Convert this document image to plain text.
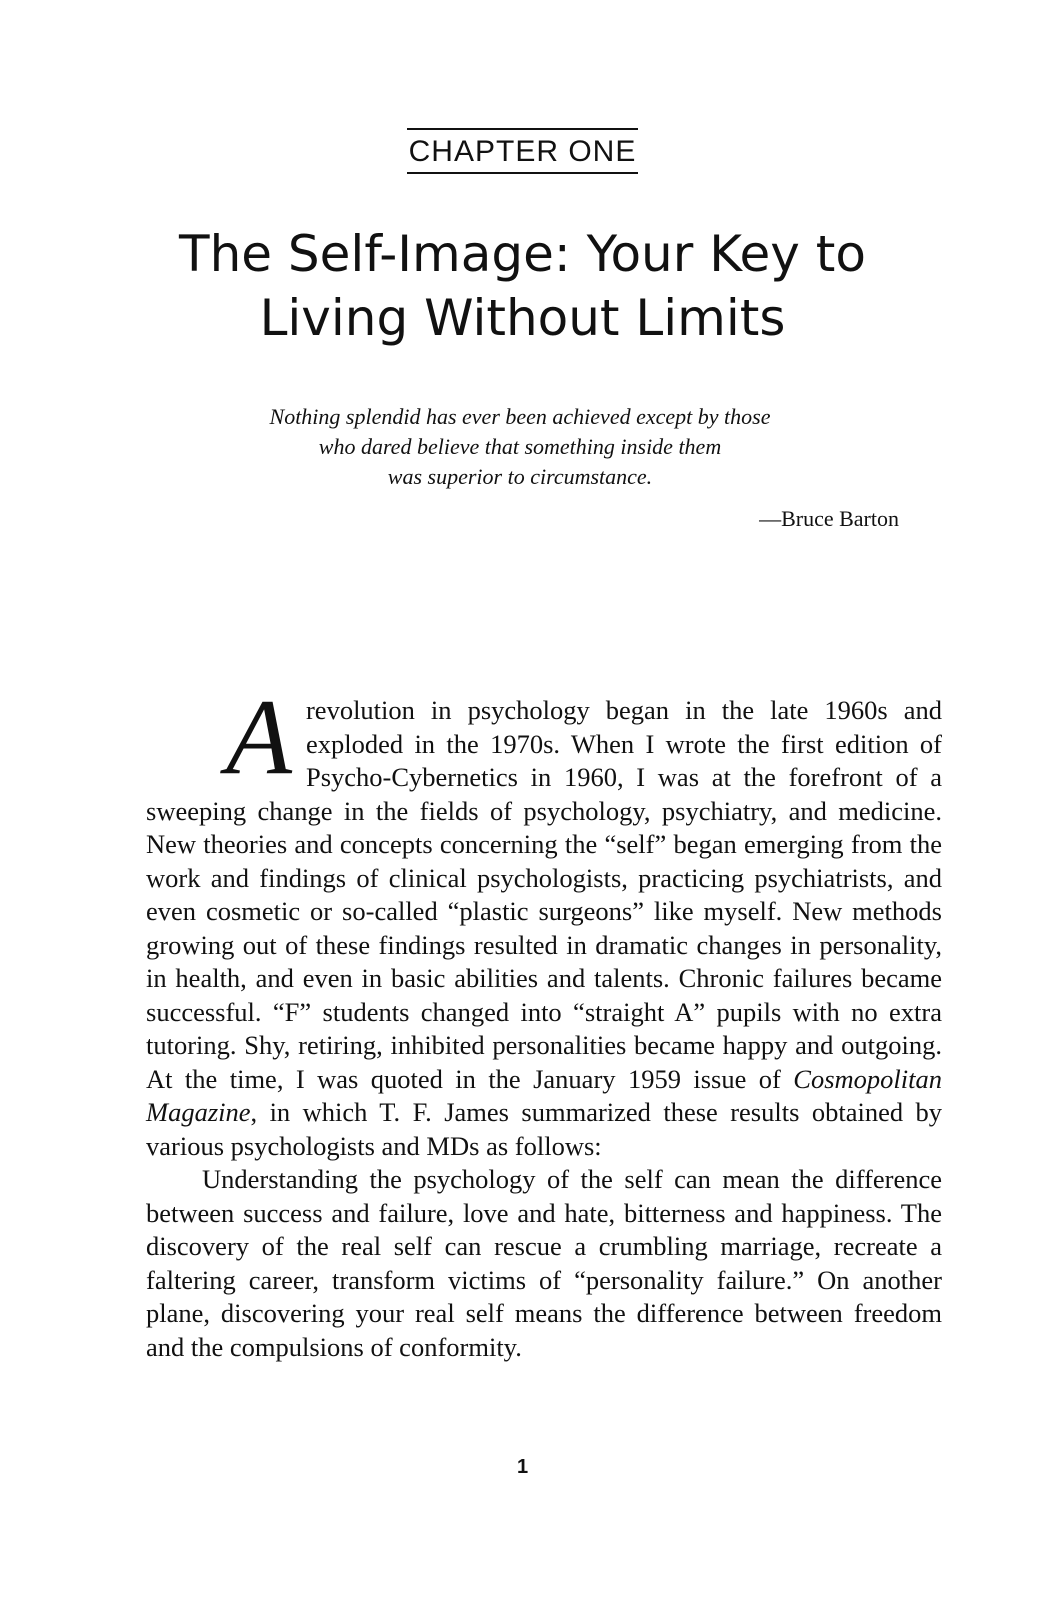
CHAPTER ONE
The Self-Image: Your Key to
Living Without Limits
Nothing splendid has ever been achieved except by those
who dared believe that something inside them
was superior to circumstance.
—Bruce Barton

Arevolution in psychology began in the late 1960s and exploded in the 1970s. When I wrote the first edition of Psycho-Cybernetics in 1960, I was at the forefront of a sweeping change in the fields of psychology, psychiatry, and medicine. New theories and concepts concerning the “self” began emerging from the work and findings of clinical psychologists, practicing psychiatrists, and even cosmetic or so-called “plastic surgeons” like myself. New methods growing out of these findings resulted in dramatic changes in personality, in health, and even in basic abilities and talents. Chronic failures became successful. “F” students changed into “straight A” pupils with no extra tutoring. Shy, retiring, inhibited personalities became happy and outgoing. At the time, I was quoted in the January 1959 issue of Cosmopolitan Magazine, in which T. F. James summarized these results obtained by various psychologists and MDs as follows:

Understanding the psychology of the self can mean the difference between success and failure, love and hate, bitterness and happiness. The discovery of the real self can rescue a crumbling marriage, recreate a faltering career, transform victims of “personality failure.” On another plane, discovering your real self means the difference between freedom and the compulsions of conformity.

1
